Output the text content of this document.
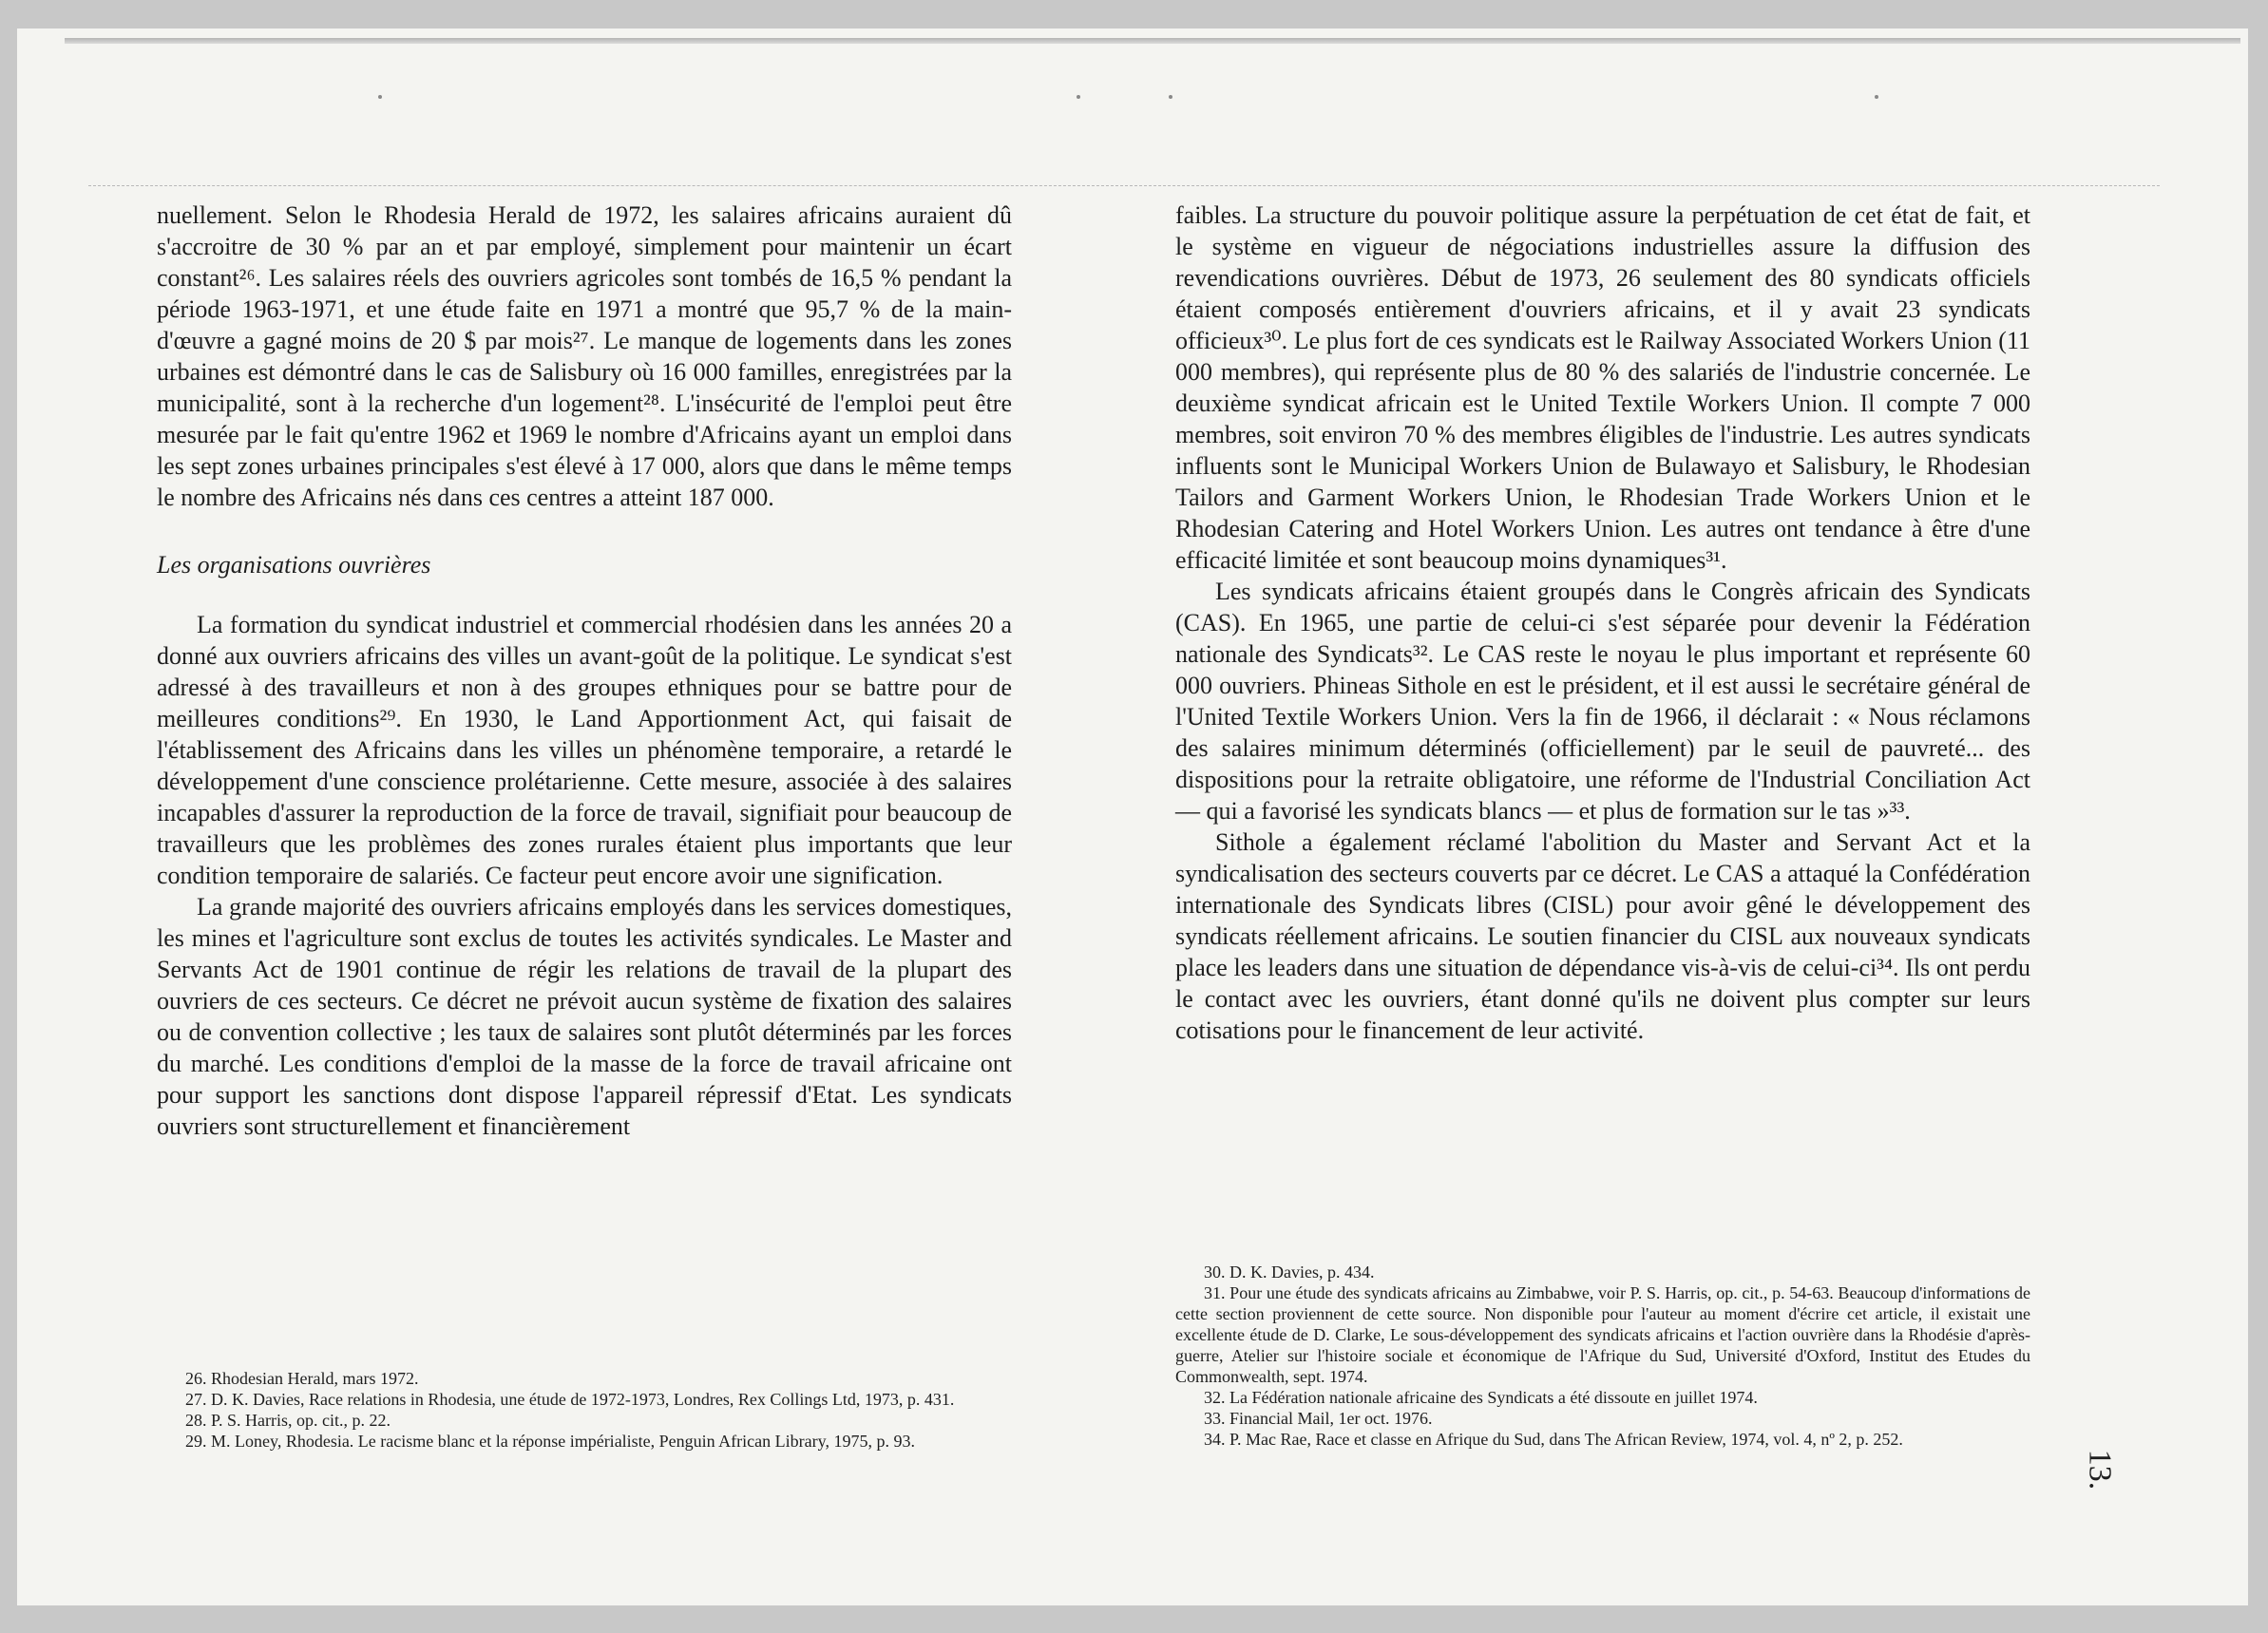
nuellement. Selon le Rhodesia Herald de 1972, les salaires africains auraient dû s'accroitre de 30 % par an et par employé, simplement pour maintenir un écart constant²⁶. Les salaires réels des ouvriers agricoles sont tombés de 16,5 % pendant la période 1963-1971, et une étude faite en 1971 a montré que 95,7 % de la main-d'œuvre a gagné moins de 20 $ par mois²⁷. Le manque de logements dans les zones urbaines est démontré dans le cas de Salisbury où 16 000 familles, enregistrées par la municipalité, sont à la recherche d'un logement²⁸. L'insécurité de l'emploi peut être mesurée par le fait qu'entre 1962 et 1969 le nombre d'Africains ayant un emploi dans les sept zones urbaines principales s'est élevé à 17 000, alors que dans le même temps le nombre des Africains nés dans ces centres a atteint 187 000.

Les organisations ouvrières

La formation du syndicat industriel et commercial rhodésien dans les années 20 a donné aux ouvriers africains des villes un avant-goût de la politique. Le syndicat s'est adressé à des travailleurs et non à des groupes ethniques pour se battre pour de meilleures conditions²⁹. En 1930, le Land Apportionment Act, qui faisait de l'établissement des Africains dans les villes un phénomène temporaire, a retardé le développement d'une conscience prolétarienne. Cette mesure, associée à des salaires incapables d'assurer la reproduction de la force de travail, signifiait pour beaucoup de travailleurs que les problèmes des zones rurales étaient plus importants que leur condition temporaire de salariés. Ce facteur peut encore avoir une signification.

La grande majorité des ouvriers africains employés dans les services domestiques, les mines et l'agriculture sont exclus de toutes les activités syndicales. Le Master and Servants Act de 1901 continue de régir les relations de travail de la plupart des ouvriers de ces secteurs. Ce décret ne prévoit aucun système de fixation des salaires ou de convention collective ; les taux de salaires sont plutôt déterminés par les forces du marché. Les conditions d'emploi de la masse de la force de travail africaine ont pour support les sanctions dont dispose l'appareil répressif d'Etat. Les syndicats ouvriers sont structurellement et financièrement

26. Rhodesian Herald, mars 1972.

27. D. K. Davies, Race relations in Rhodesia, une étude de 1972-1973, Londres, Rex Collings Ltd, 1973, p. 431.

28. P. S. Harris, op. cit., p. 22.

29. M. Loney, Rhodesia. Le racisme blanc et la réponse impérialiste, Penguin African Library, 1975, p. 93.

faibles. La structure du pouvoir politique assure la perpétuation de cet état de fait, et le système en vigueur de négociations industrielles assure la diffusion des revendications ouvrières. Début de 1973, 26 seulement des 80 syndicats officiels étaient composés entièrement d'ouvriers africains, et il y avait 23 syndicats officieux³⁰. Le plus fort de ces syndicats est le Railway Associated Workers Union (11 000 membres), qui représente plus de 80 % des salariés de l'industrie concernée. Le deuxième syndicat africain est le United Textile Workers Union. Il compte 7 000 membres, soit environ 70 % des membres éligibles de l'industrie. Les autres syndicats influents sont le Municipal Workers Union de Bulawayo et Salisbury, le Rhodesian Tailors and Garment Workers Union, le Rhodesian Trade Workers Union et le Rhodesian Catering and Hotel Workers Union. Les autres ont tendance à être d'une efficacité limitée et sont beaucoup moins dynamiques³¹.

Les syndicats africains étaient groupés dans le Congrès africain des Syndicats (CAS). En 1965, une partie de celui-ci s'est séparée pour devenir la Fédération nationale des Syndicats³². Le CAS reste le noyau le plus important et représente 60 000 ouvriers. Phineas Sithole en est le président, et il est aussi le secrétaire général de l'United Textile Workers Union. Vers la fin de 1966, il déclarait : « Nous réclamons des salaires minimum déterminés (officiellement) par le seuil de pauvreté... des dispositions pour la retraite obligatoire, une réforme de l'Industrial Conciliation Act — qui a favorisé les syndicats blancs — et plus de formation sur le tas »³³.

Sithole a également réclamé l'abolition du Master and Servant Act et la syndicalisation des secteurs couverts par ce décret. Le CAS a attaqué la Confédération internationale des Syndicats libres (CISL) pour avoir gêné le développement des syndicats réellement africains. Le soutien financier du CISL aux nouveaux syndicats place les leaders dans une situation de dépendance vis-à-vis de celui-ci³⁴. Ils ont perdu le contact avec les ouvriers, étant donné qu'ils ne doivent plus compter sur leurs cotisations pour le financement de leur activité.

30. D. K. Davies, p. 434.

31. Pour une étude des syndicats africains au Zimbabwe, voir P. S. Harris, op. cit., p. 54-63. Beaucoup d'informations de cette section proviennent de cette source. Non disponible pour l'auteur au moment d'écrire cet article, il existait une excellente étude de D. Clarke, Le sous-développement des syndicats africains et l'action ouvrière dans la Rhodésie d'après-guerre, Atelier sur l'histoire sociale et économique de l'Afrique du Sud, Université d'Oxford, Institut des Etudes du Commonwealth, sept. 1974.

32. La Fédération nationale africaine des Syndicats a été dissoute en juillet 1974.

33. Financial Mail, 1er oct. 1976.

34. P. Mac Rae, Race et classe en Afrique du Sud, dans The African Review, 1974, vol. 4, nº 2, p. 252.

13.
